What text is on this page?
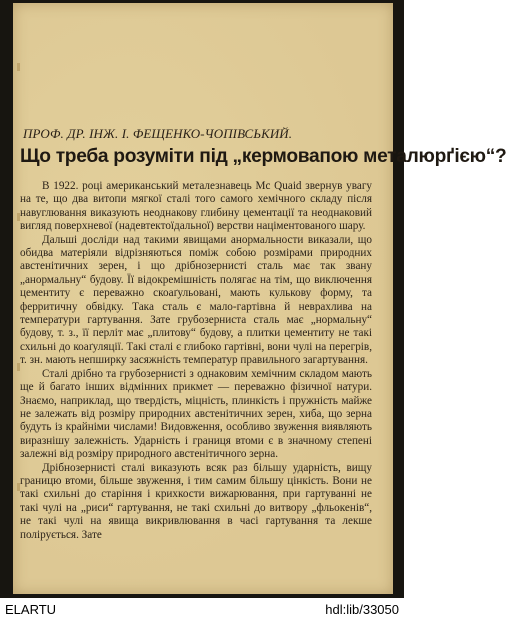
ПРОФ. ДР. ІНЖ. І. ФЕЩЕНКО-ЧОПІВСЬКИЙ.
Що треба розуміти під „кермовапою металюрґією“?

В 1922. році американський металезнавець Mc Quaid звернув увагу на те, що два витопи мягкої сталі того самого хемічного складу після навуглювання виказують неоднакову глибину цементації та неоднаковий вигляд поверхневої (надевтектоїдальної) верстви націментованого шару.

Дальші досліди над такими явищами анормальности виказали, що обидва матеріяли відрізняються поміж собою розмірами природних австенітичних зерен, і що дрібнозернисті сталь має так звану „анормальну“ будову. Її відокремішність полягає на тім, що виключення цементиту є переважно скоаґульовані, мають кулькову форму, та ферритичну обвідку. Така сталь є мало-гартівна й неврахлива на температури гартування. Зате грубозерниста сталь має „нормальну“ будову, т. з., її перліт має „плитову“ будову, а плитки цементиту не такі схильні до коаґуляції. Такі сталі є глибоко гартівні, вони чулі на перегрів, т. зн. мають непширку засяжність температур правильного загартування.

Сталі дрібно та грубозернисті з однаковим хемічним складом мають ще й багато інших відмінних прикмет — переважно фізичної натури. Знаємо, наприклад, що твердість, міцність, плинкість і пружність майже не залежать від розміру природних австенітичних зерен, хиба, що зерна будуть із крайніми числами! Видовження, особливо звуження виявляють виразнішу залежність. Ударність і границя втоми є в значному степені залежні від розміру природного австенітичного зерна.

Дрібнозернисті сталі виказують всяк раз більшу ударність, вищу границю втоми, більше звуження, і тим самим більшу цінкість. Вони не такі схильні до старіння і крихкости вижарювання, при гартуванні не такі чулі на „риси“ гартування, не такі схильні до витвору „фльокенів“, не такі чулі на явища викривлювання в часі гартування та лекше полірується. Зате

ELARTU	hdl:lib/33050
